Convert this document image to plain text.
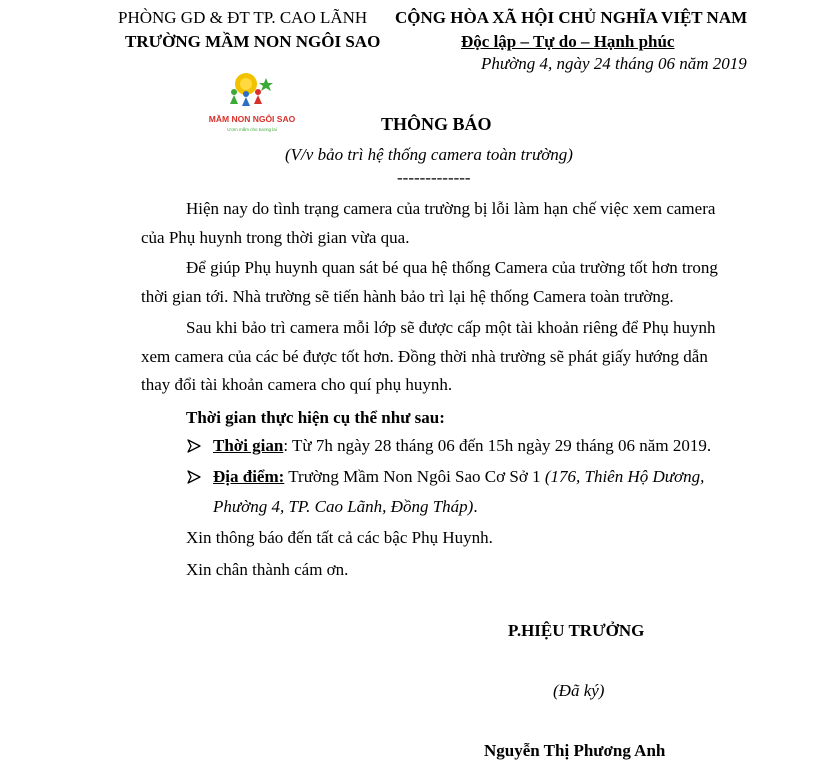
PHÒNG GD & ĐT TP. CAO LÃNH
TRƯỜNG MẦM NON NGÔI SAO
CỘNG HÒA XÃ HỘI CHỦ NGHĨA VIỆT NAM
Độc lập – Tự do – Hạnh phúc
Phường 4, ngày 24 tháng 06 năm 2019
MẦM NON NGÔI SAO
Ươm mầm cho tương lai	THÔNG BÁO
(V/v bảo trì hệ thống camera toàn trường)
-------------
Hiện nay do tình trạng camera của trường bị lỗi làm hạn chế việc xem camera của Phụ huynh trong thời gian vừa qua.
Để giúp Phụ huynh quan sát bé qua hệ thống Camera của trường tốt hơn trong thời gian tới. Nhà trường sẽ tiến hành bảo trì lại hệ thống Camera toàn trường.
Sau khi bảo trì camera mỗi lớp sẽ được cấp một tài khoản riêng để Phụ huynh xem camera của các bé được tốt hơn. Đồng thời nhà trường sẽ phát giấy hướng dẫn thay đổi tài khoản camera cho quí phụ huynh.
Thời gian thực hiện cụ thể như sau:
Thời gian: Từ 7h ngày 28 tháng 06 đến 15h ngày 29 tháng 06 năm 2019.
Địa điểm: Trường Mầm Non Ngôi Sao Cơ Sở 1 (176, Thiên Hộ Dương,
Phường 4, TP. Cao Lãnh, Đồng Tháp).
Xin thông báo đến tất cả các bậc Phụ Huynh.
Xin chân thành cám ơn.
P.HIỆU TRƯỞNG
(Đã ký)
Nguyễn Thị Phương Anh
